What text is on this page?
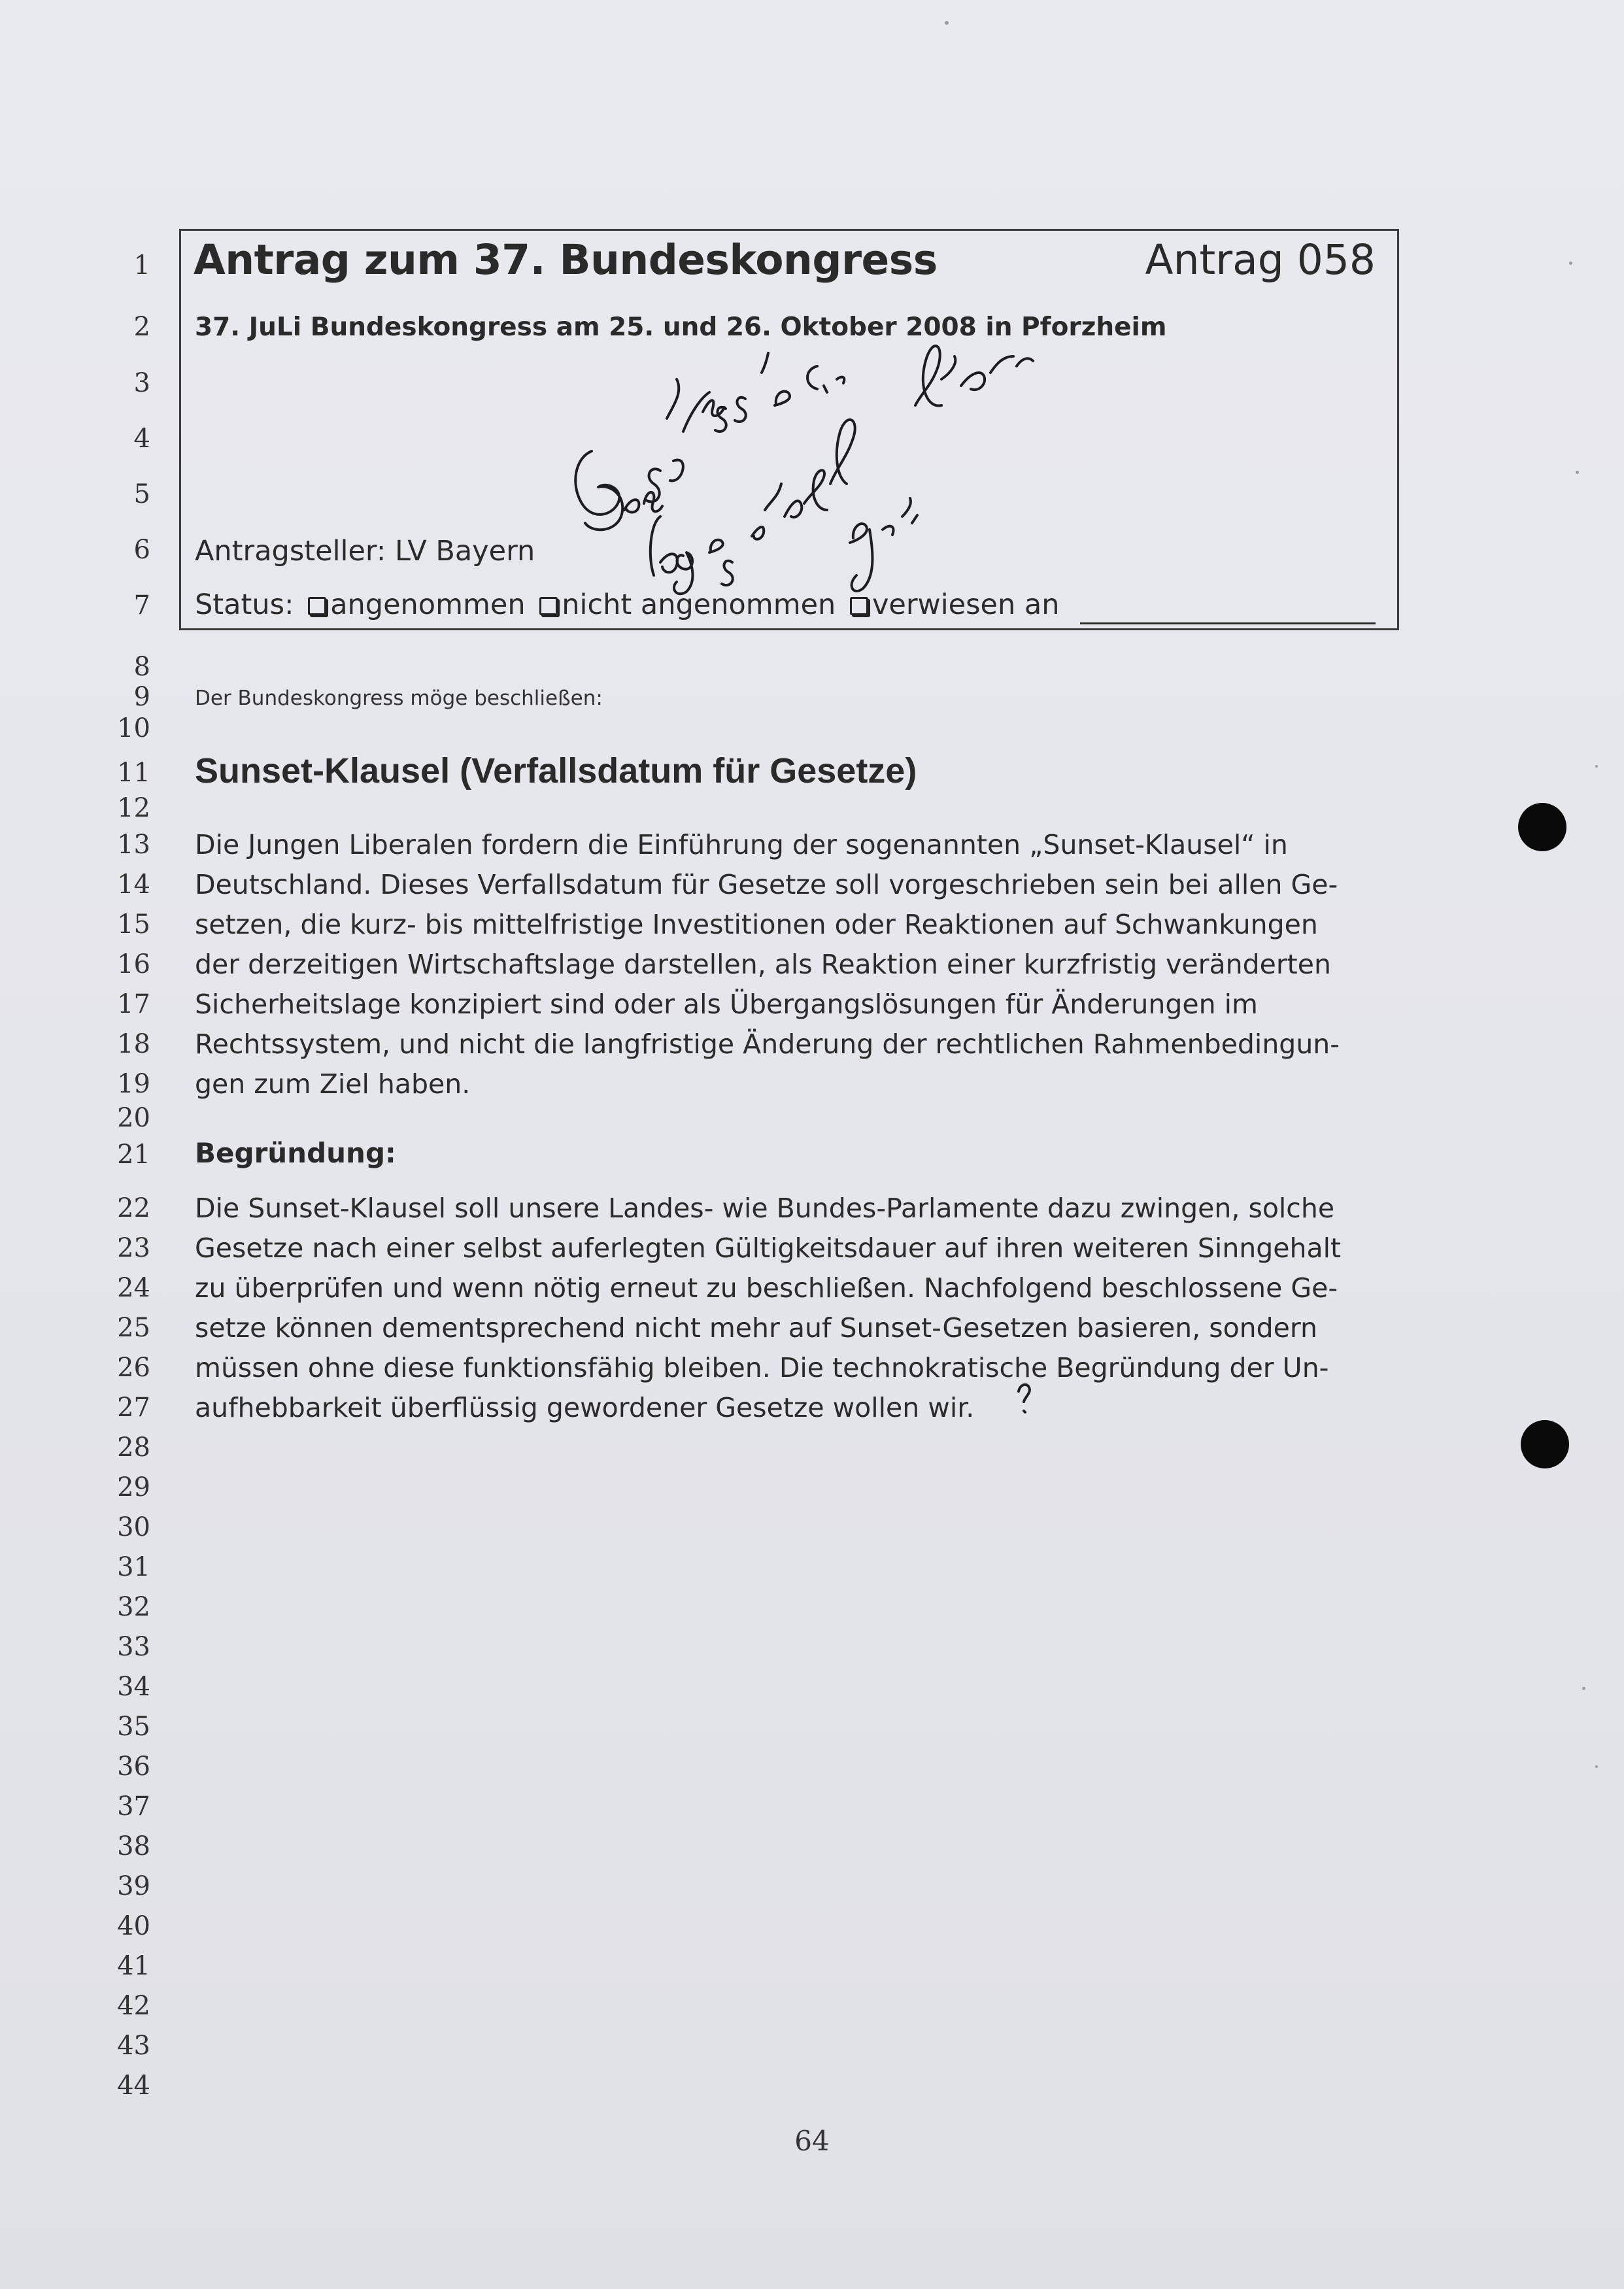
1
2
3
4
5
6
7
8
9
10
11
12
13
14
15
16
17
18
19
20
21
22
23
24
25
26
27
28
29
30
31
32
33
34
35
36
37
38
39
40
41
42
43
44
Antrag zum 37. Bundeskongress	Antrag 058
37. JuLi Bundeskongress am 25. und 26. Oktober 2008 in Pforzheim
Antragsteller: LV Bayern
Status: angenommen nicht angenommen verwiesen an
Der Bundeskongress möge beschließen:
Sunset-Klausel (Verfallsdatum für Gesetze)
Die Jungen Liberalen fordern die Einführung der sogenannten „Sunset-Klausel“ in
Deutschland. Dieses Verfallsdatum für Gesetze soll vorgeschrieben sein bei allen Ge-
setzen, die kurz- bis mittelfristige Investitionen oder Reaktionen auf Schwankungen
der derzeitigen Wirtschaftslage darstellen, als Reaktion einer kurzfristig veränderten
Sicherheitslage konzipiert sind oder als Übergangslösungen für Änderungen im
Rechtssystem, und nicht die langfristige Änderung der rechtlichen Rahmenbedingun-
gen zum Ziel haben.
Begründung:
Die Sunset-Klausel soll unsere Landes- wie Bundes-Parlamente dazu zwingen, solche
Gesetze nach einer selbst auferlegten Gültigkeitsdauer auf ihren weiteren Sinngehalt
zu überprüfen und wenn nötig erneut zu beschließen. Nachfolgend beschlossene Ge-
setze können dementsprechend nicht mehr auf Sunset-Gesetzen basieren, sondern
müssen ohne diese funktionsfähig bleiben. Die technokratische Begründung der Un-
aufhebbarkeit überflüssig gewordener Gesetze wollen wir.
64
